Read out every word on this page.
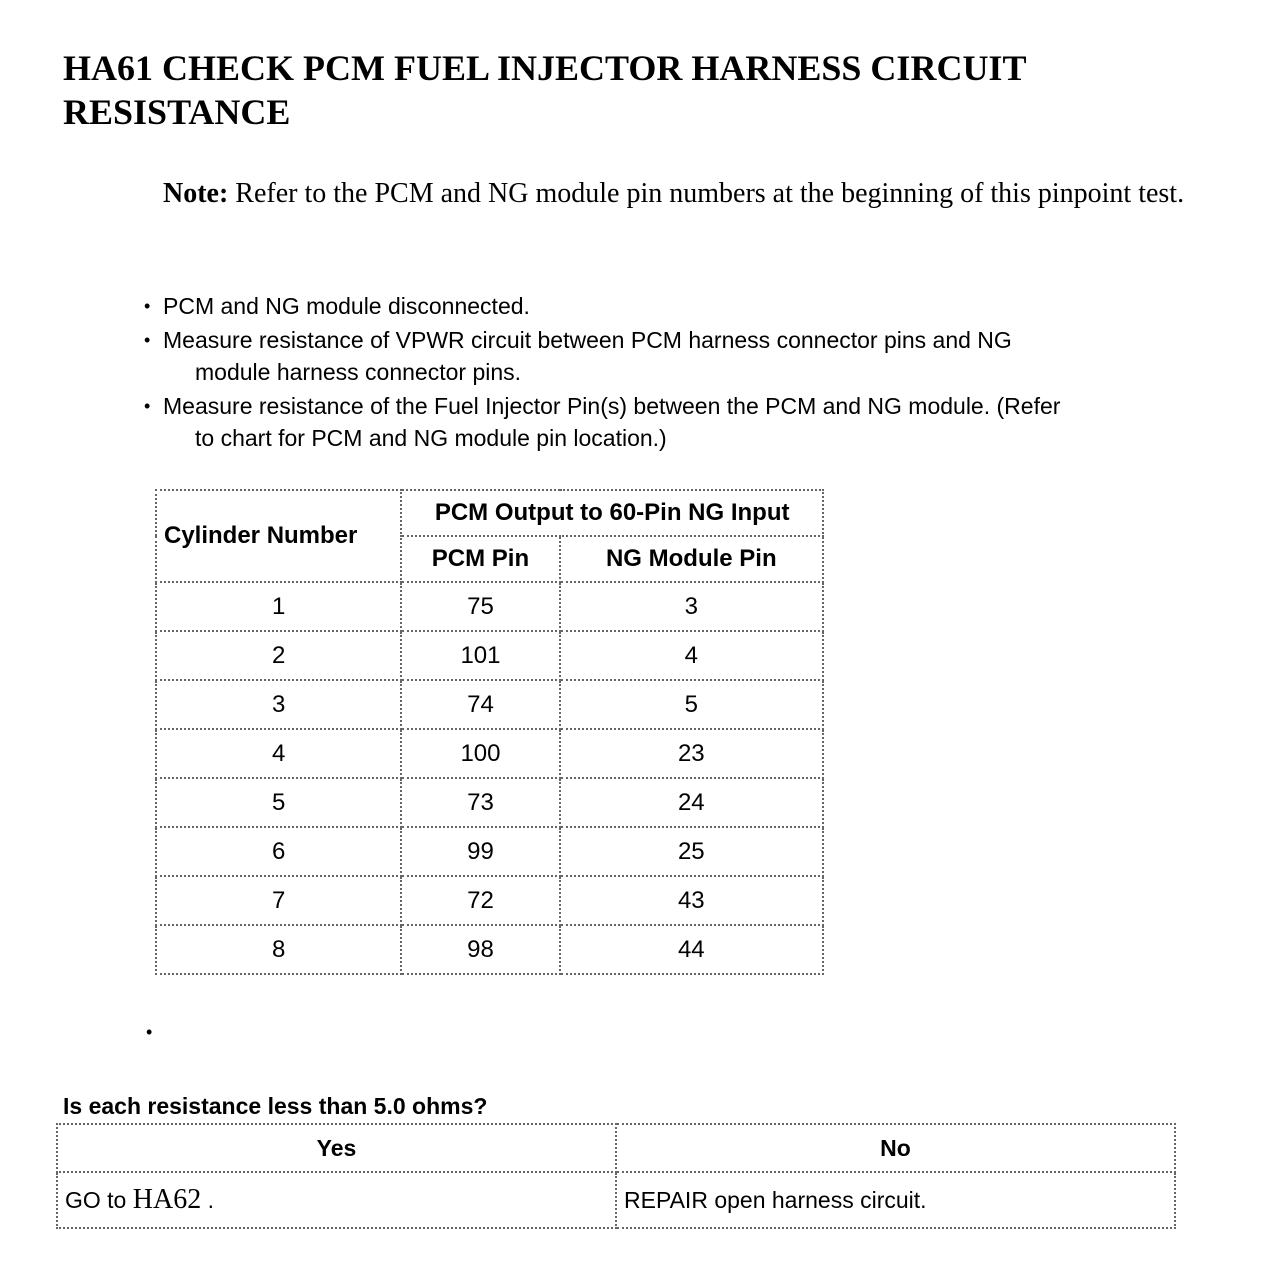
HA61 CHECK PCM FUEL INJECTOR HARNESS CIRCUIT RESISTANCE

Note: Refer to the PCM and NG module pin numbers at the beginning of this pinpoint test.

• PCM and NG module disconnected.
• Measure resistance of VPWR circuit between PCM harness connector pins and NG
module harness connector pins.
• Measure resistance of the Fuel Injector Pin(s) between the PCM and NG module. (Refer
to chart for PCM and NG module pin location.)
Cylinder Number	PCM Output to 60-Pin NG Input	
	PCM Pin	NG Module Pin
1	75	3
2	101	4
3	74	5
4	100	23
5	73	24
6	99	25
7	72	43
8	98	44
•

Is each resistance less than 5.0 ohms?

Yes	No
GO to HA62 .	REPAIR open harness circuit.
